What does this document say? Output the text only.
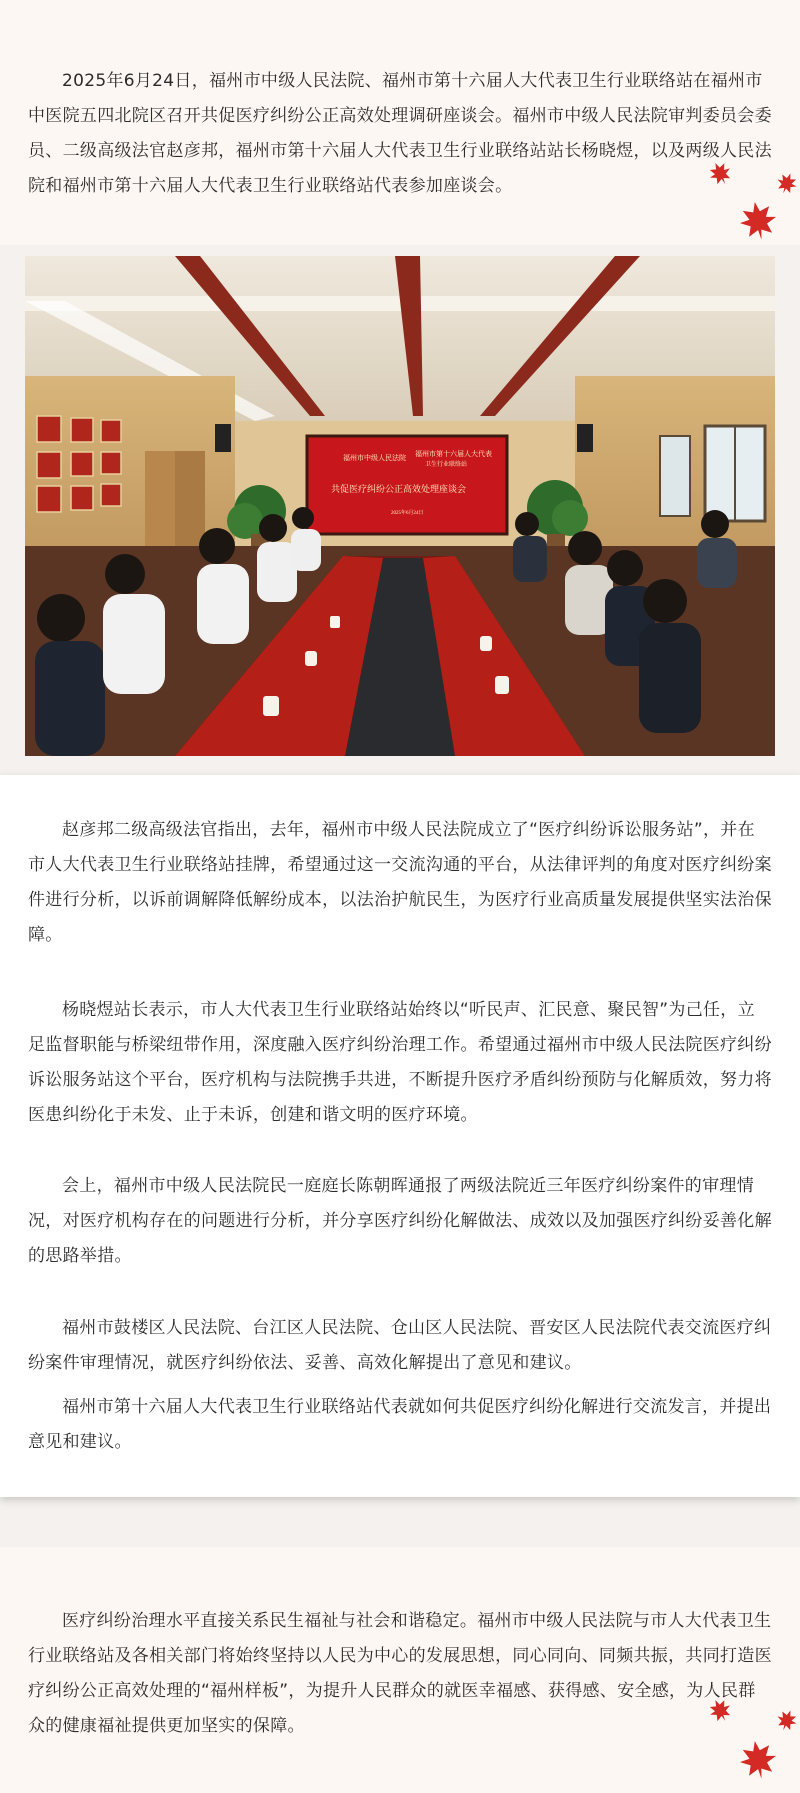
2025年6月24日，福州市中级人民法院、福州市第十六届人大代表卫生行业联络站在福州市中医院五四北院区召开共促医疗纠纷公正高效处理调研座谈会。福州市中级人民法院审判委员会委员、二级高级法官赵彦邦，福州市第十六届人大代表卫生行业联络站站长杨晓煜，以及两级人民法院和福州市第十六届人大代表卫生行业联络站代表参加座谈会。

福州市中级人民法院 福州市第十六届人大代表
卫生行业联络站
共促医疗纠纷公正高效处理座谈会
2025年6月24日

赵彦邦二级高级法官指出，去年，福州市中级人民法院成立了“医疗纠纷诉讼服务站”，并在市人大代表卫生行业联络站挂牌，希望通过这一交流沟通的平台，从法律评判的角度对医疗纠纷案件进行分析，以诉前调解降低解纷成本，以法治护航民生，为医疗行业高质量发展提供坚实法治保障。

杨晓煜站长表示，市人大代表卫生行业联络站始终以“听民声、汇民意、聚民智”为己任，立足监督职能与桥梁纽带作用，深度融入医疗纠纷治理工作。希望通过福州市中级人民法院医疗纠纷诉讼服务站这个平台，医疗机构与法院携手共进，不断提升医疗矛盾纠纷预防与化解质效，努力将医患纠纷化于未发、止于未诉，创建和谐文明的医疗环境。

会上，福州市中级人民法院民一庭庭长陈朝晖通报了两级法院近三年医疗纠纷案件的审理情况，对医疗机构存在的问题进行分析，并分享医疗纠纷化解做法、成效以及加强医疗纠纷妥善化解的思路举措。

福州市鼓楼区人民法院、台江区人民法院、仓山区人民法院、晋安区人民法院代表交流医疗纠纷案件审理情况，就医疗纠纷依法、妥善、高效化解提出了意见和建议。

福州市第十六届人大代表卫生行业联络站代表就如何共促医疗纠纷化解进行交流发言，并提出意见和建议。

医疗纠纷治理水平直接关系民生福祉与社会和谐稳定。福州市中级人民法院与市人大代表卫生行业联络站及各相关部门将始终坚持以人民为中心的发展思想，同心同向、同频共振，共同打造医疗纠纷公正高效处理的“福州样板”，为提升人民群众的就医幸福感、获得感、安全感，为人民群众的健康福祉提供更加坚实的保障。
